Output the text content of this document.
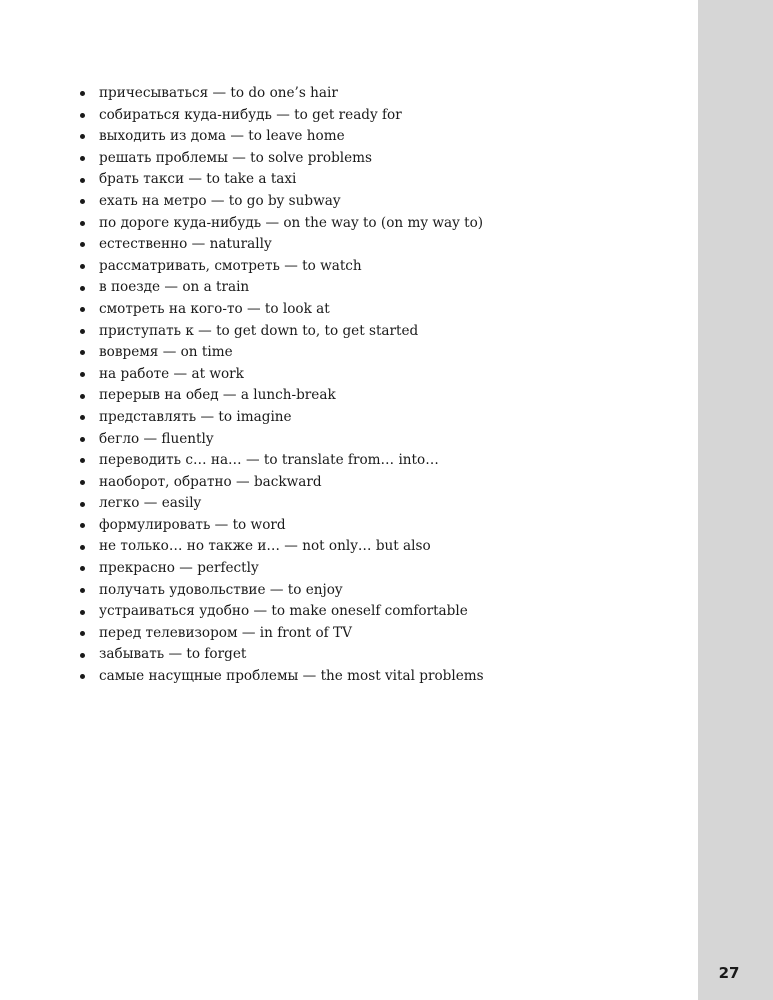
причесываться — to do one’s hair
собираться куда-нибудь — to get ready for
выходить из дома — to leave home
решать проблемы — to solve problems
брать такси — to take a taxi
ехать на метро — to go by subway
по дороге куда-нибудь — on the way to (on my way to)
естественно — naturally
рассматривать, смотреть — to watch
в поезде — on a train
смотреть на кого-то — to look at
приступать к — to get down to, to get started
вовремя — on time
на работе — at work
перерыв на обед — a lunch-break
представлять — to imagine
бегло — fluently
переводить с… на… — to translate from… into…
наоборот, обратно — backward
легко — easily
формулировать — to word
не только… но также и… — not only… but also
прекрасно — perfectly
получать удовольствие — to enjoy
устраиваться удобно — to make oneself comfortable
перед телевизором — in front of TV
забывать — to forget
самые насущные проблемы — the most vital problems
27
